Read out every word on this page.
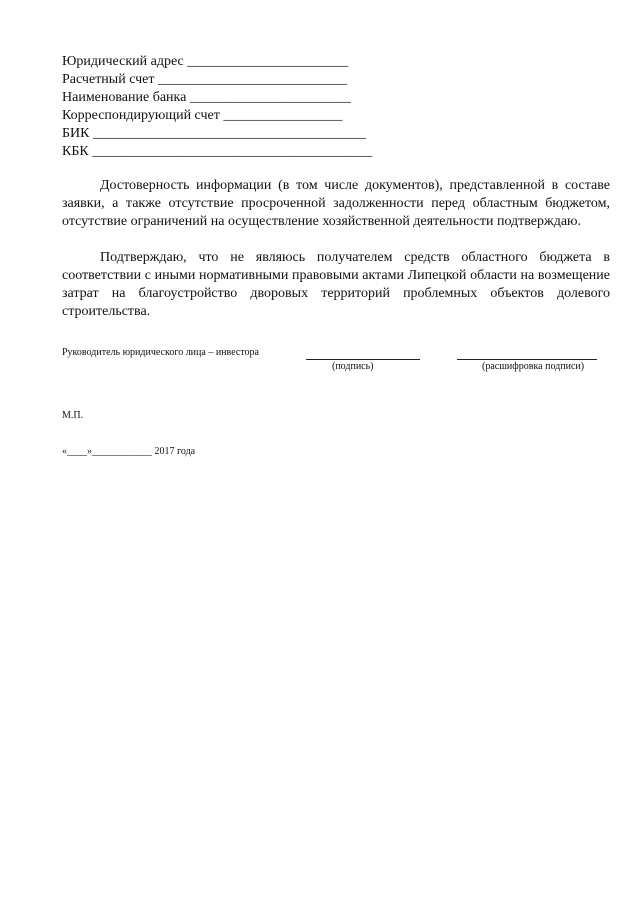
Юридический адрес _______________________
Расчетный счет ___________________________
Наименование банка _______________________
Корреспондирующий счет _________________
БИК _______________________________________
КБК ________________________________________

Достоверность информации (в том числе документов), представленной в составе заявки, а также отсутствие просроченной задолженности перед областным бюджетом, отсутствие ограничений на осуществление хозяйственной деятельности подтверждаю.

Подтверждаю, что не являюсь получателем средств областного бюджета в соответствии с иными нормативными правовыми актами Липецкой области на возмещение затрат на благоустройство дворовых территорий проблемных объектов долевого строительства.

Руководитель юридического лица – инвестора
(подпись)	(расшифровка подписи)
М.П.
«____»____________ 2017 года
